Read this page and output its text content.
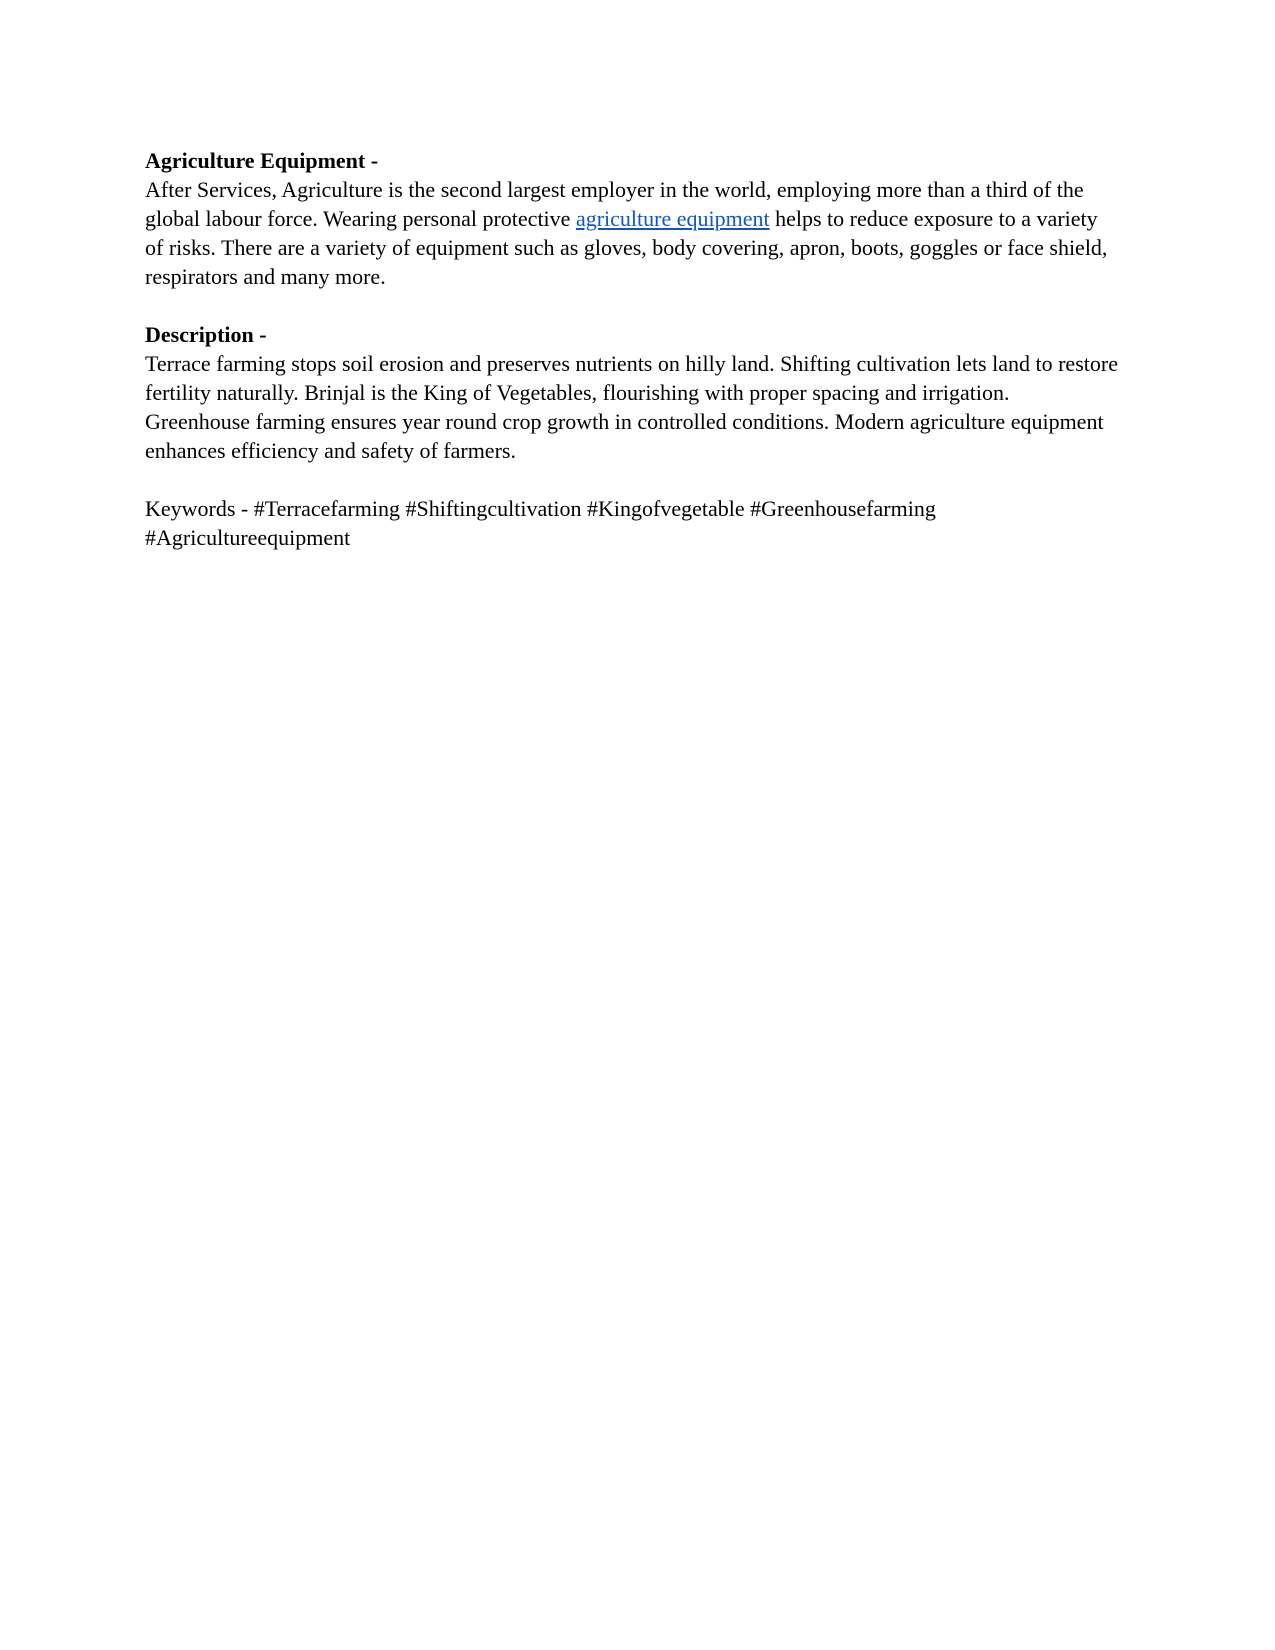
Agriculture Equipment -

After Services, Agriculture is the second largest employer in the world, employing more than a third of the global labour force. Wearing personal protective agriculture equipment helps to reduce exposure to a variety of risks. There are a variety of equipment such as gloves, body covering, apron, boots, goggles or face shield, respirators and many more.

Description -

Terrace farming stops soil erosion and preserves nutrients on hilly land. Shifting cultivation lets land to restore fertility naturally. Brinjal is the King of Vegetables, flourishing with proper spacing and irrigation. Greenhouse farming ensures year round crop growth in controlled conditions. Modern agriculture equipment enhances efficiency and safety of farmers.

Keywords - #Terracefarming #Shiftingcultivation #Kingofvegetable #Greenhousefarming #Agricultureequipment
